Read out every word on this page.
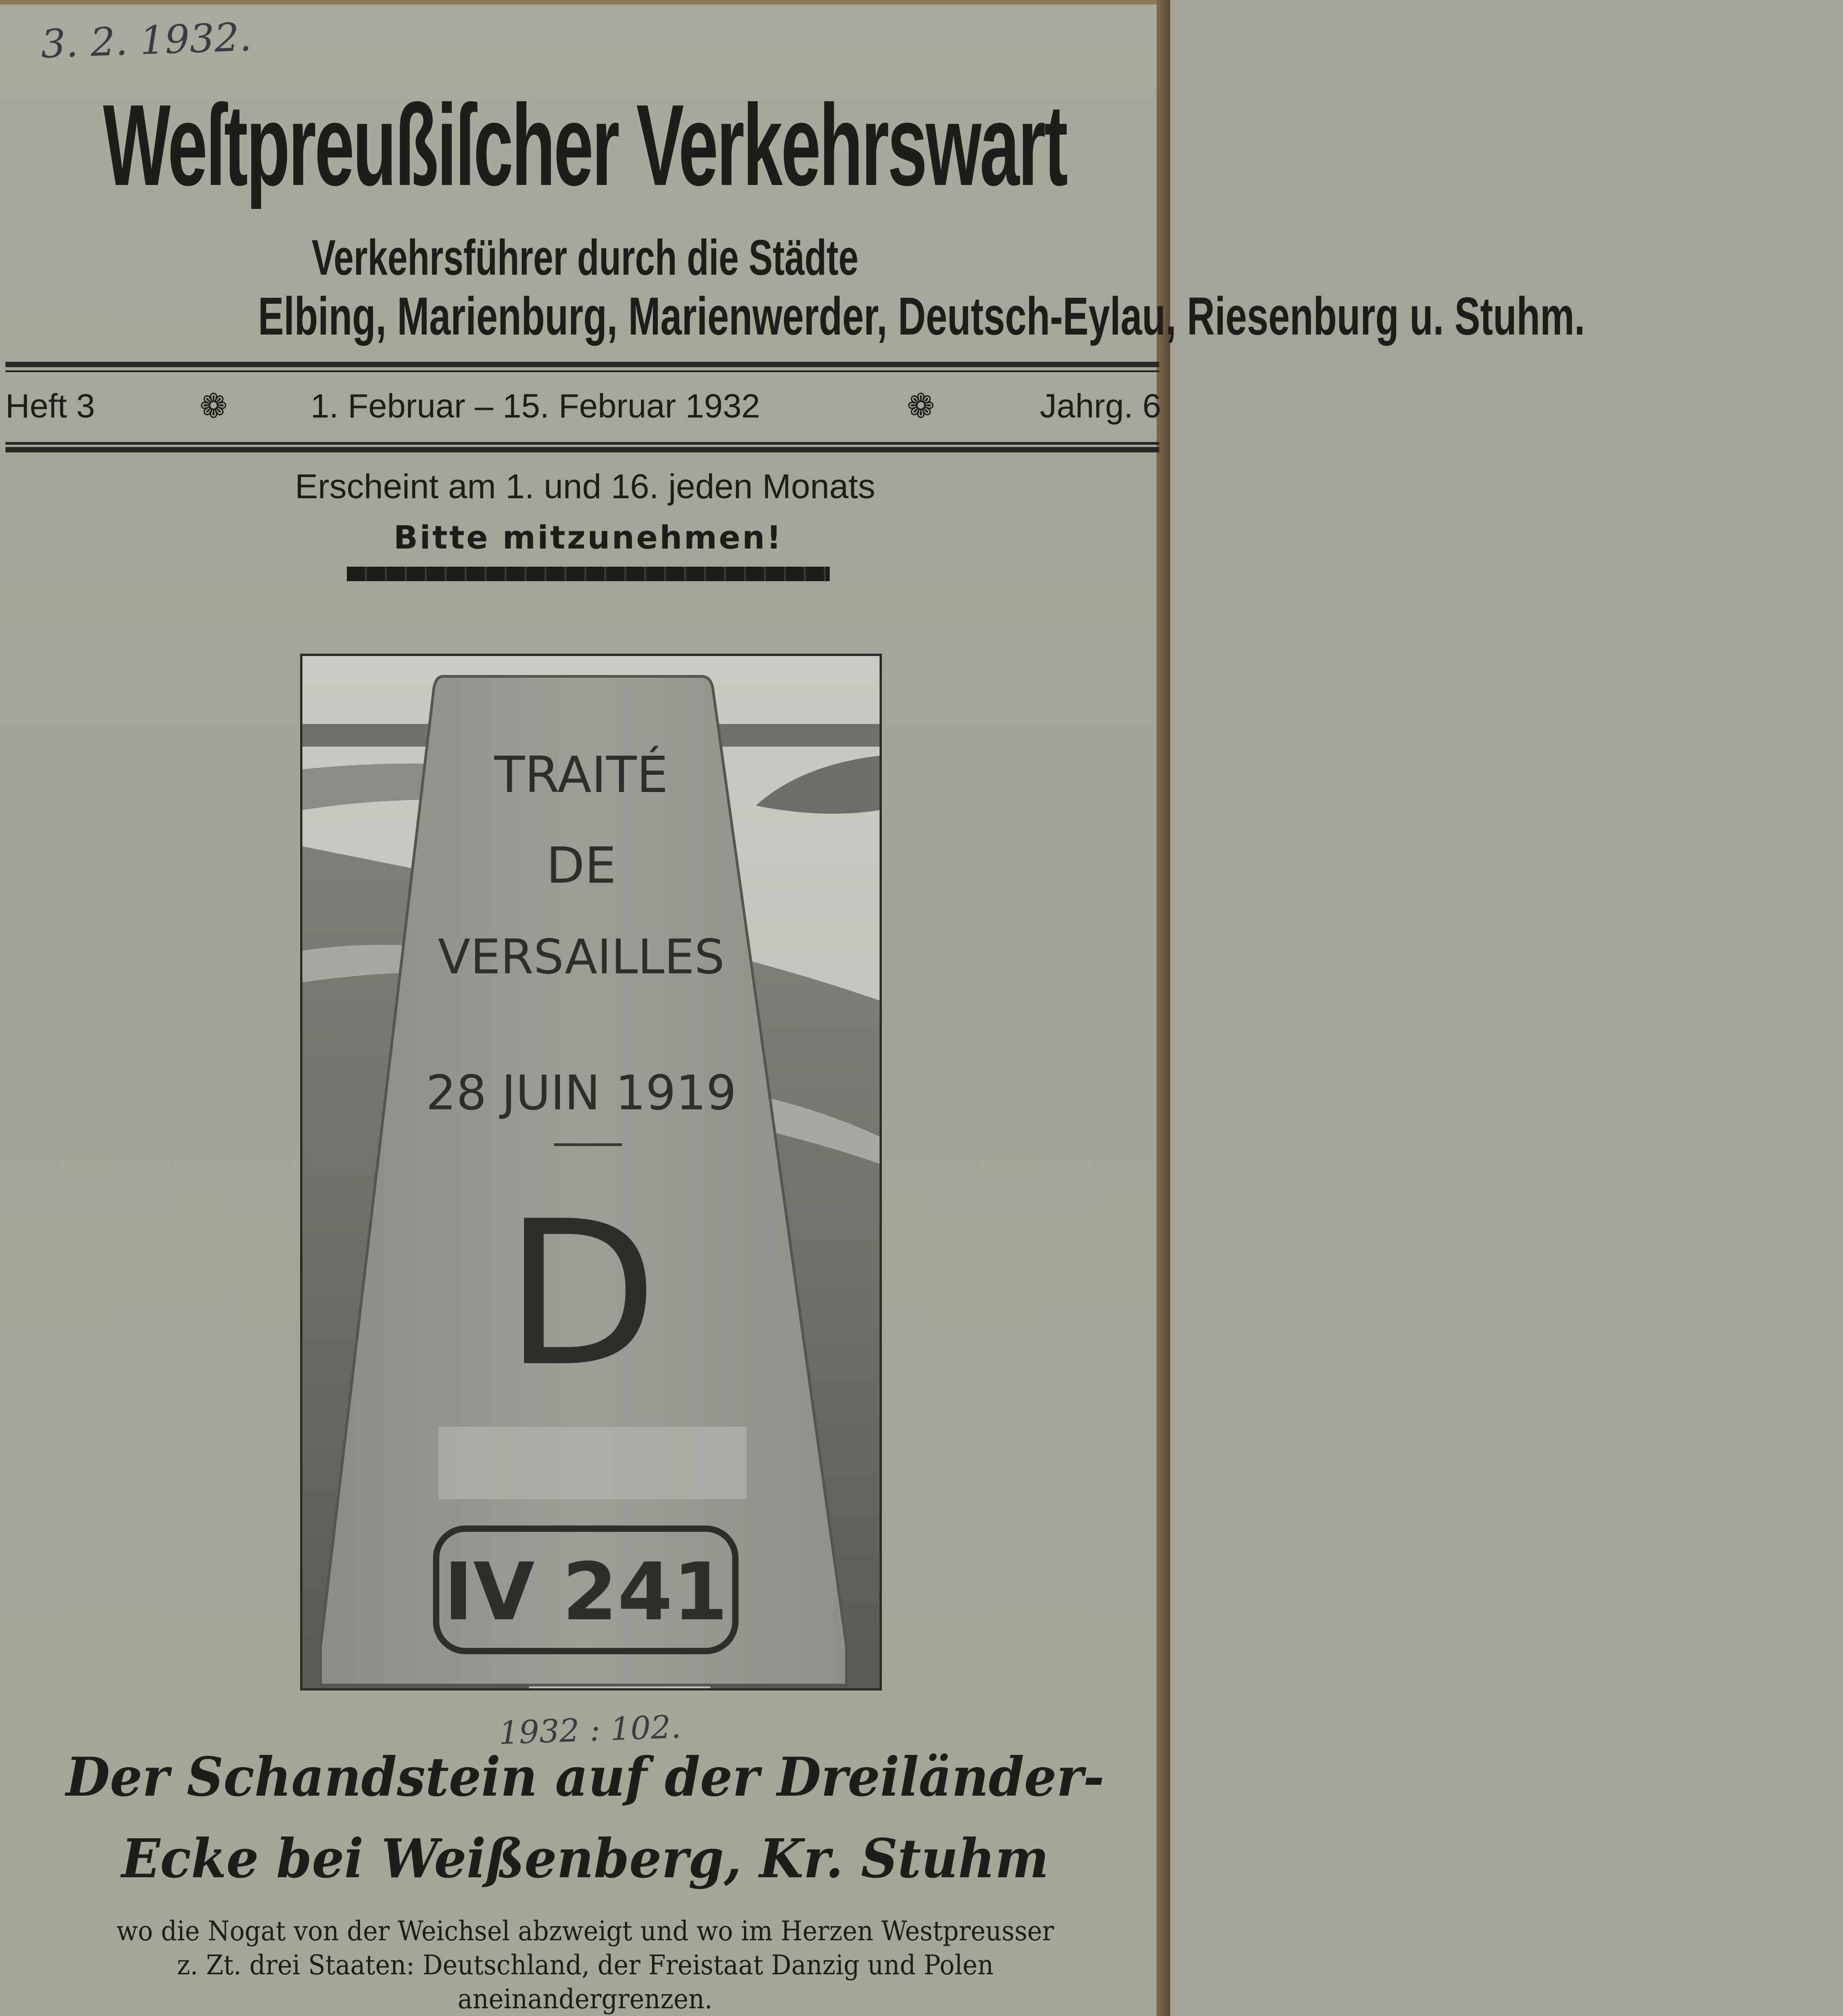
3. 2. 1932.
Weſtpreußiſcher Verkehrswart
Verkehrsführer durch die Städte
Elbing, Marienburg, Marienwerder, Deutsch-Eylau, Riesenburg u. Stuhm.
Heft 3	❁ 1. Februar – 15. Februar 1932	❁	Jahrg. 6
Erscheint am 1. und 16. jeden Monats
Bitte mitzunehmen!
TRAITÉ
DE
VERSAILLES
28 JUIN 1919
D
IV 241
1932 : 102.
Der Schandstein auf der Dreiländer-
Ecke bei Weißenberg, Kr. Stuhm
wo die Nogat von der Weichsel abzweigt und wo im Herzen Westpreusser
z. Zt. drei Staaten: Deutschland, der Freistaat Danzig und Polen
aneinandergrenzen.
